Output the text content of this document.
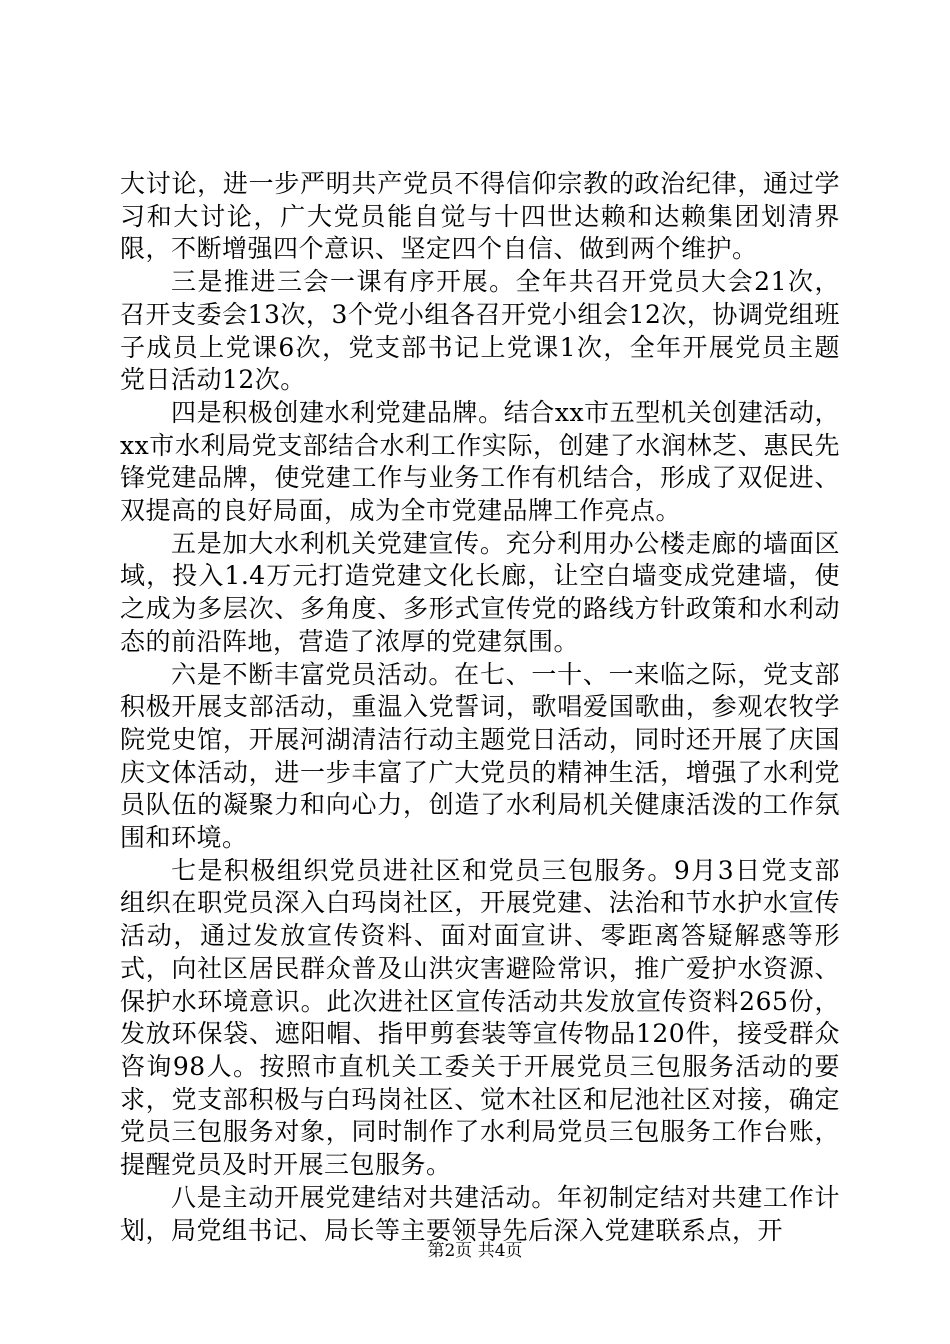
大讨论，进一步严明共产党员不得信仰宗教的政治纪律，通过学习和大讨论，广大党员能自觉与十四世达赖和达赖集团划清界限，不断增强四个意识、坚定四个自信、做到两个维护。

三是推进三会一课有序开展。全年共召开党员大会21次，召开支委会13次，3个党小组各召开党小组会12次，协调党组班子成员上党课6次，党支部书记上党课1次，全年开展党员主题党日活动12次。

四是积极创建水利党建品牌。结合xx市五型机关创建活动，xx市水利局党支部结合水利工作实际，创建了水润林芝、惠民先锋党建品牌，使党建工作与业务工作有机结合，形成了双促进、双提高的良好局面，成为全市党建品牌工作亮点。

五是加大水利机关党建宣传。充分利用办公楼走廊的墙面区域，投入1.4万元打造党建文化长廊，让空白墙变成党建墙，使之成为多层次、多角度、多形式宣传党的路线方针政策和水利动态的前沿阵地，营造了浓厚的党建氛围。

六是不断丰富党员活动。在七、一十、一来临之际，党支部积极开展支部活动，重温入党誓词，歌唱爱国歌曲，参观农牧学院党史馆，开展河湖清洁行动主题党日活动，同时还开展了庆国庆文体活动，进一步丰富了广大党员的精神生活，增强了水利党员队伍的凝聚力和向心力，创造了水利局机关健康活泼的工作氛围和环境。

七是积极组织党员进社区和党员三包服务。9月3日党支部组织在职党员深入白玛岗社区，开展党建、法治和节水护水宣传活动，通过发放宣传资料、面对面宣讲、零距离答疑解惑等形式，向社区居民群众普及山洪灾害避险常识，推广爱护水资源、保护水环境意识。此次进社区宣传活动共发放宣传资料265份，发放环保袋、遮阳帽、指甲剪套装等宣传物品120件，接受群众咨询98人。按照市直机关工委关于开展党员三包服务活动的要求，党支部积极与白玛岗社区、觉木社区和尼池社区对接，确定党员三包服务对象，同时制作了水利局党员三包服务工作台账，提醒党员及时开展三包服务。

八是主动开展党建结对共建活动。年初制定结对共建工作计划，局党组书记、局长等主要领导先后深入党建联系点，开

第2页 共4页
